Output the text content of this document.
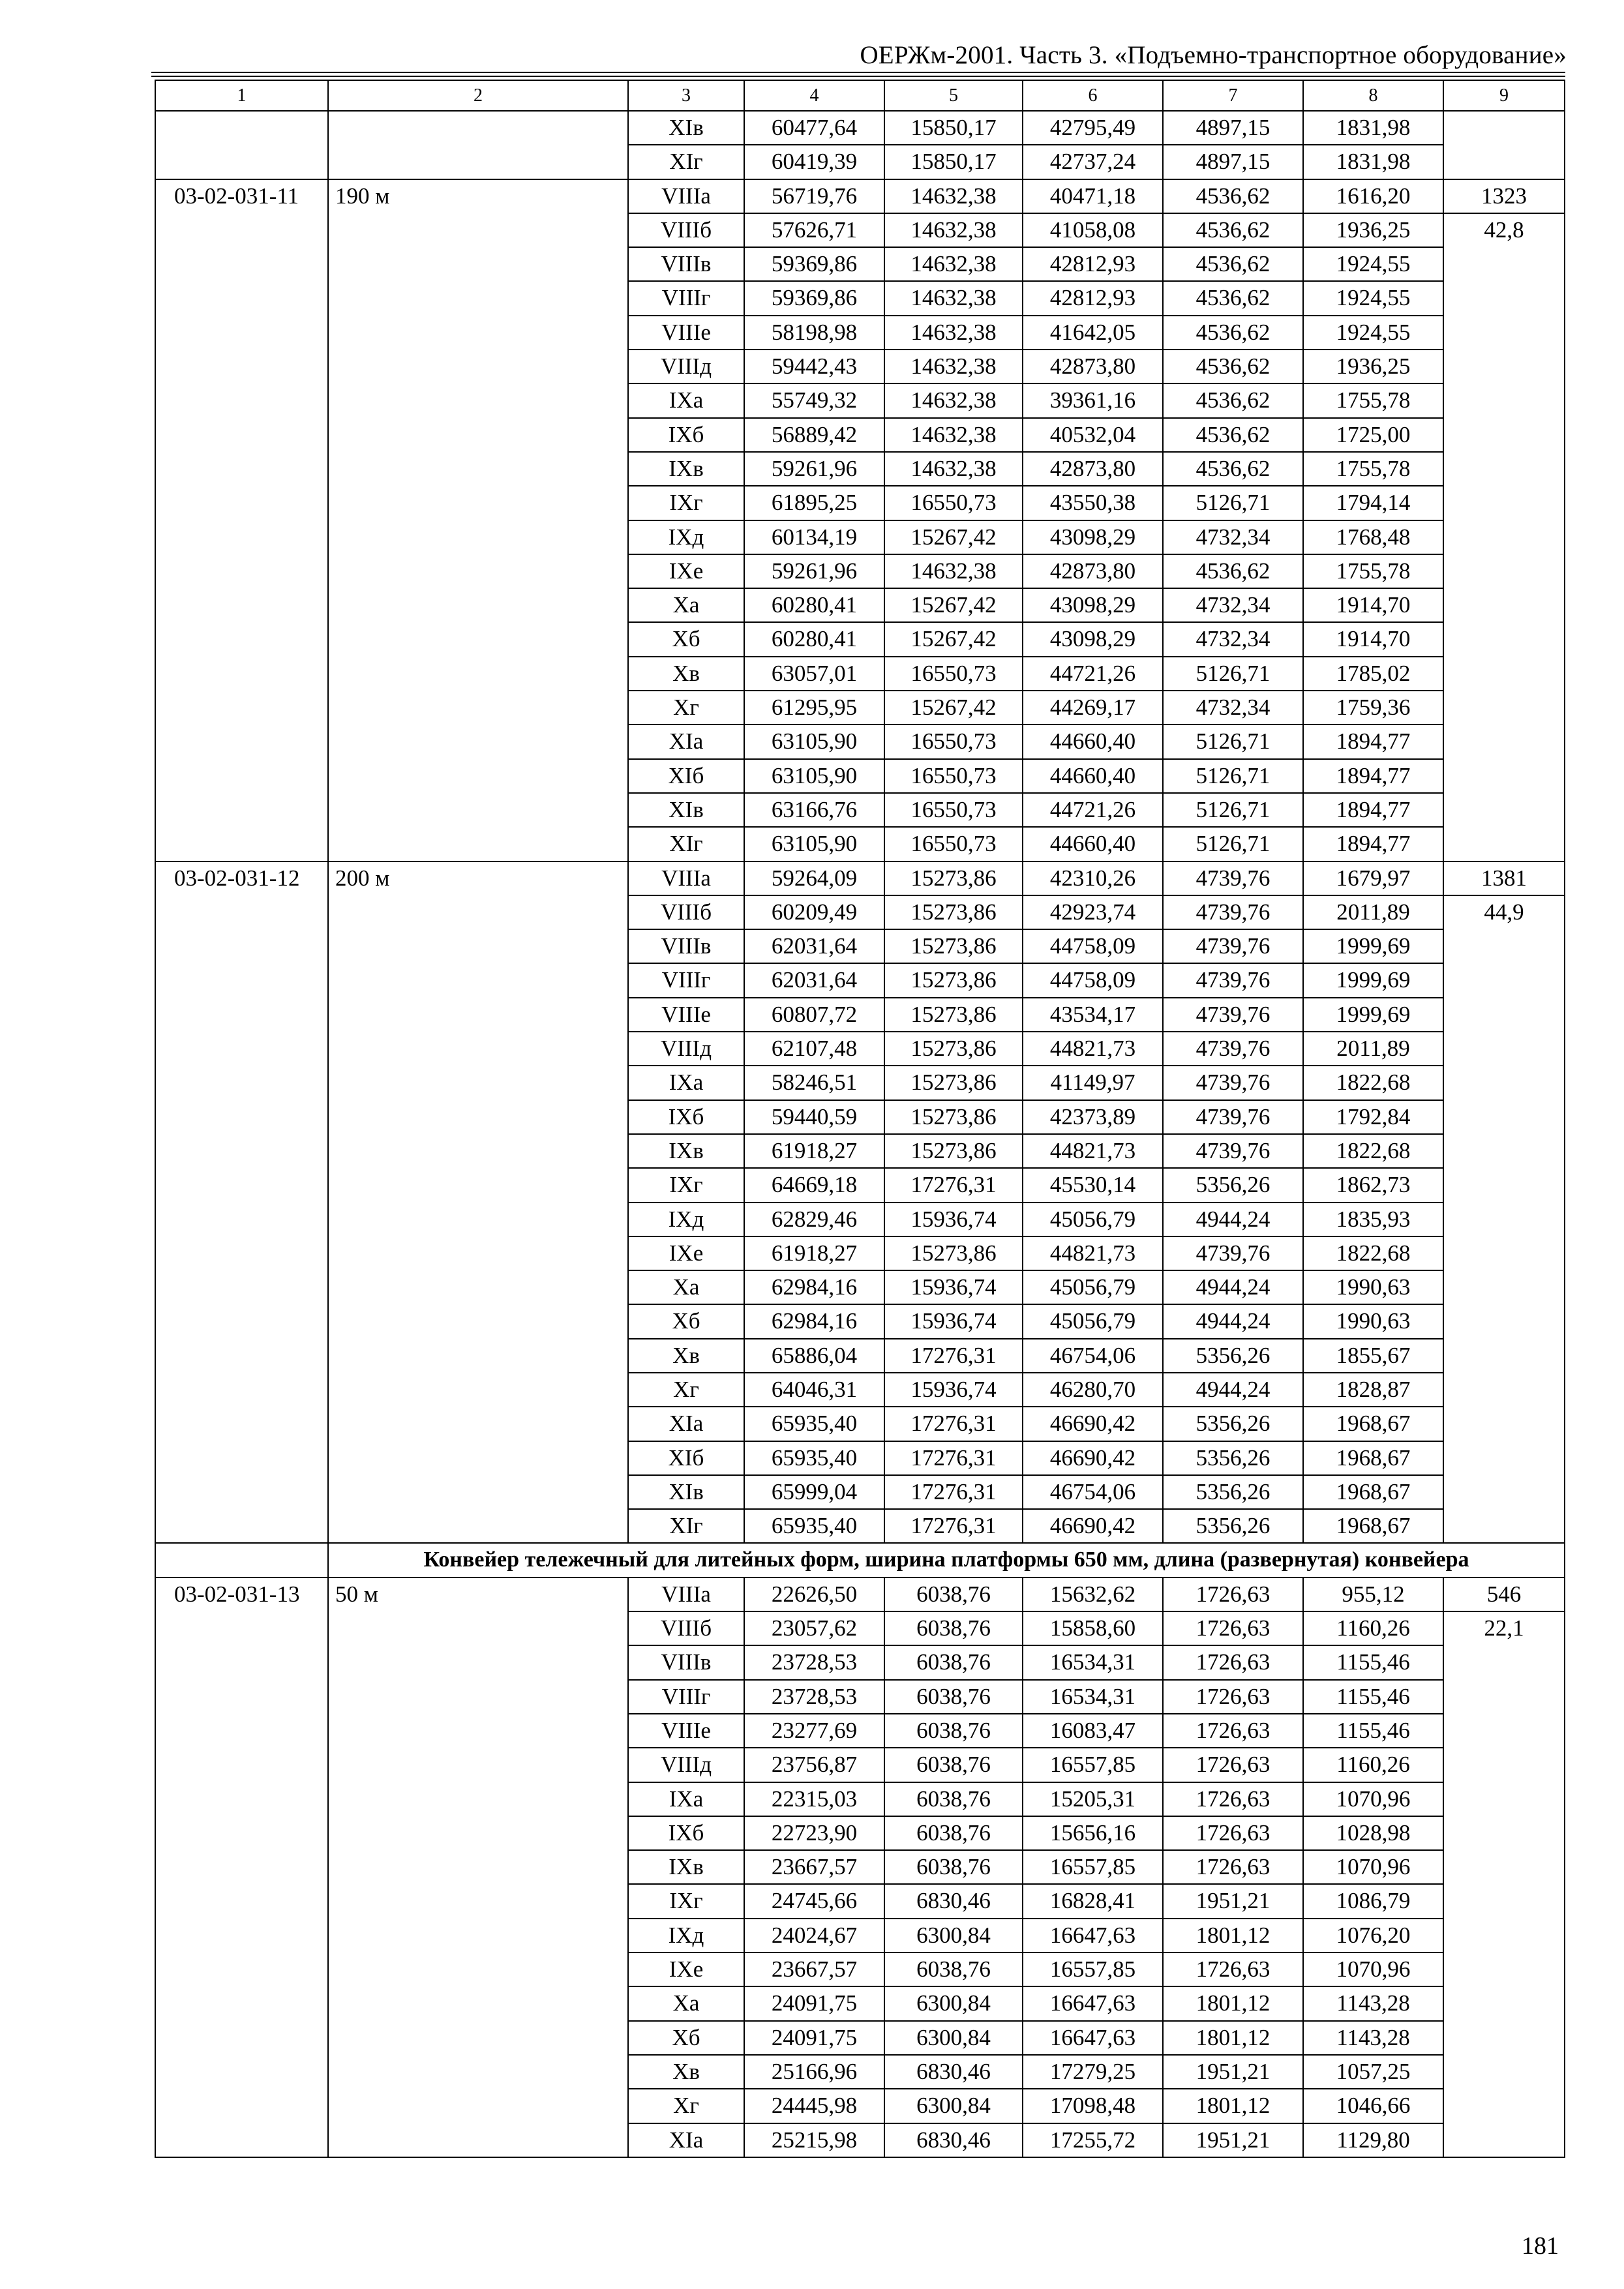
ОЕРЖм-2001. Часть 3. «Подъемно-транспортное оборудование»
1	2	3	4	5	6	7	8	9
		XIв	60477,64	15850,17	42795,49	4897,15	1831,98	
		XIг	60419,39	15850,17	42737,24	4897,15	1831,98	
03-02-031-11	190 м	VIIIа	56719,76	14632,38	40471,18	4536,62	1616,20	1323
		VIIIб	57626,71	14632,38	41058,08	4536,62	1936,25	42,8
		VIIIв	59369,86	14632,38	42812,93	4536,62	1924,55	
		VIIIг	59369,86	14632,38	42812,93	4536,62	1924,55	
		VIIIе	58198,98	14632,38	41642,05	4536,62	1924,55	
		VIIIд	59442,43	14632,38	42873,80	4536,62	1936,25	
		IXа	55749,32	14632,38	39361,16	4536,62	1755,78	
		IXб	56889,42	14632,38	40532,04	4536,62	1725,00	
		IXв	59261,96	14632,38	42873,80	4536,62	1755,78	
		IXг	61895,25	16550,73	43550,38	5126,71	1794,14	
		IXд	60134,19	15267,42	43098,29	4732,34	1768,48	
		IXе	59261,96	14632,38	42873,80	4536,62	1755,78	
		Xа	60280,41	15267,42	43098,29	4732,34	1914,70	
		Xб	60280,41	15267,42	43098,29	4732,34	1914,70	
		Xв	63057,01	16550,73	44721,26	5126,71	1785,02	
		Xг	61295,95	15267,42	44269,17	4732,34	1759,36	
		XIа	63105,90	16550,73	44660,40	5126,71	1894,77	
		XIб	63105,90	16550,73	44660,40	5126,71	1894,77	
		XIв	63166,76	16550,73	44721,26	5126,71	1894,77	
		XIг	63105,90	16550,73	44660,40	5126,71	1894,77	
03-02-031-12	200 м	VIIIа	59264,09	15273,86	42310,26	4739,76	1679,97	1381
		VIIIб	60209,49	15273,86	42923,74	4739,76	2011,89	44,9
		VIIIв	62031,64	15273,86	44758,09	4739,76	1999,69	
		VIIIг	62031,64	15273,86	44758,09	4739,76	1999,69	
		VIIIе	60807,72	15273,86	43534,17	4739,76	1999,69	
		VIIIд	62107,48	15273,86	44821,73	4739,76	2011,89	
		IXа	58246,51	15273,86	41149,97	4739,76	1822,68	
		IXб	59440,59	15273,86	42373,89	4739,76	1792,84	
		IXв	61918,27	15273,86	44821,73	4739,76	1822,68	
		IXг	64669,18	17276,31	45530,14	5356,26	1862,73	
		IXд	62829,46	15936,74	45056,79	4944,24	1835,93	
		IXе	61918,27	15273,86	44821,73	4739,76	1822,68	
		Xа	62984,16	15936,74	45056,79	4944,24	1990,63	
		Xб	62984,16	15936,74	45056,79	4944,24	1990,63	
		Xв	65886,04	17276,31	46754,06	5356,26	1855,67	
		Xг	64046,31	15936,74	46280,70	4944,24	1828,87	
		XIа	65935,40	17276,31	46690,42	5356,26	1968,67	
		XIб	65935,40	17276,31	46690,42	5356,26	1968,67	
		XIв	65999,04	17276,31	46754,06	5356,26	1968,67	
		XIг	65935,40	17276,31	46690,42	5356,26	1968,67	
	Конвейер тележечный для литейных форм, ширина платформы 650 мм, длина (развернутая) конвейера							
03-02-031-13	50 м	VIIIа	22626,50	6038,76	15632,62	1726,63	955,12	546
		VIIIб	23057,62	6038,76	15858,60	1726,63	1160,26	22,1
		VIIIв	23728,53	6038,76	16534,31	1726,63	1155,46	
		VIIIг	23728,53	6038,76	16534,31	1726,63	1155,46	
		VIIIе	23277,69	6038,76	16083,47	1726,63	1155,46	
		VIIIд	23756,87	6038,76	16557,85	1726,63	1160,26	
		IXа	22315,03	6038,76	15205,31	1726,63	1070,96	
		IXб	22723,90	6038,76	15656,16	1726,63	1028,98	
		IXв	23667,57	6038,76	16557,85	1726,63	1070,96	
		IXг	24745,66	6830,46	16828,41	1951,21	1086,79	
		IXд	24024,67	6300,84	16647,63	1801,12	1076,20	
		IXе	23667,57	6038,76	16557,85	1726,63	1070,96	
		Xа	24091,75	6300,84	16647,63	1801,12	1143,28	
		Xб	24091,75	6300,84	16647,63	1801,12	1143,28	
		Xв	25166,96	6830,46	17279,25	1951,21	1057,25	
		Xг	24445,98	6300,84	17098,48	1801,12	1046,66	
		XIа	25215,98	6830,46	17255,72	1951,21	1129,80	
181
